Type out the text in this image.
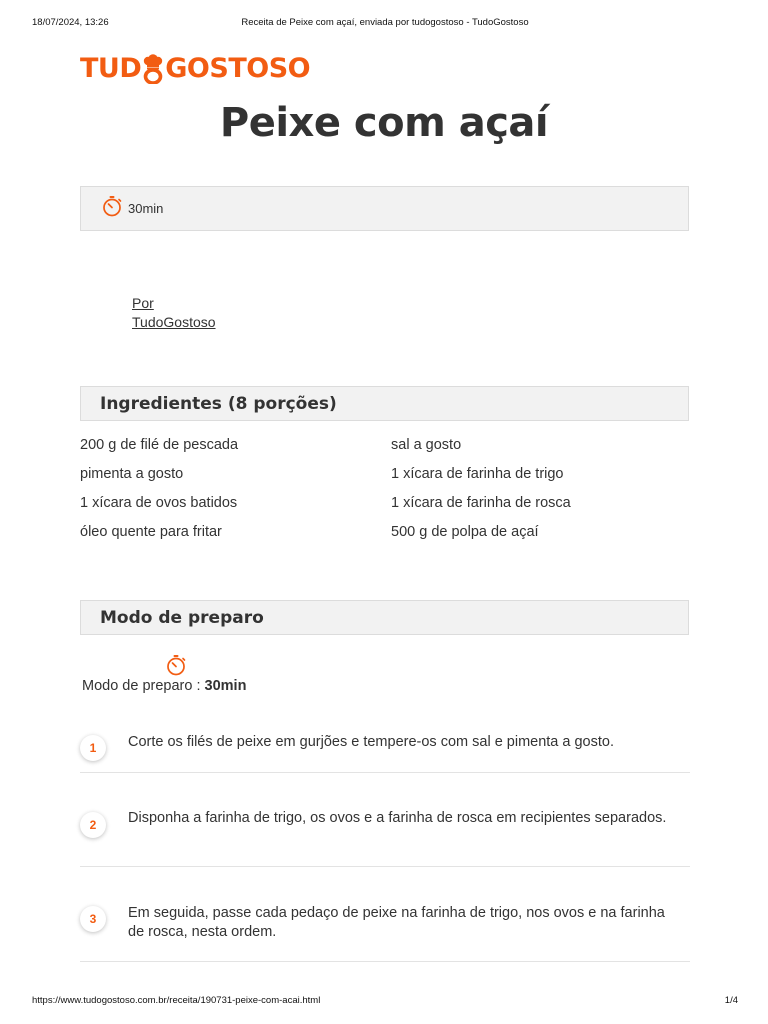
18/07/2024, 13:26	Receita de Peixe com açaí, enviada por tudogostoso - TudoGostoso
TUD GOSTOSO
Peixe com açaí
30min
Por
TudoGostoso
Ingredientes (8 porções)
200 g de filé de pescada	sal a gosto
pimenta a gosto	1 xícara de farinha de trigo
1 xícara de ovos batidos	1 xícara de farinha de rosca
óleo quente para fritar	500 g de polpa de açaí
Modo de preparo
Modo de preparo : 30min
1	Corte os filés de peixe em gurjões e tempere-os com sal e pimenta a gosto.
2	Disponha a farinha de trigo, os ovos e a farinha de rosca em recipientes separados.
3	Em seguida, passe cada pedaço de peixe na farinha de trigo, nos ovos e na farinha de rosca, nesta ordem.
https://www.tudogostoso.com.br/receita/190731-peixe-com-acai.html	1/4
